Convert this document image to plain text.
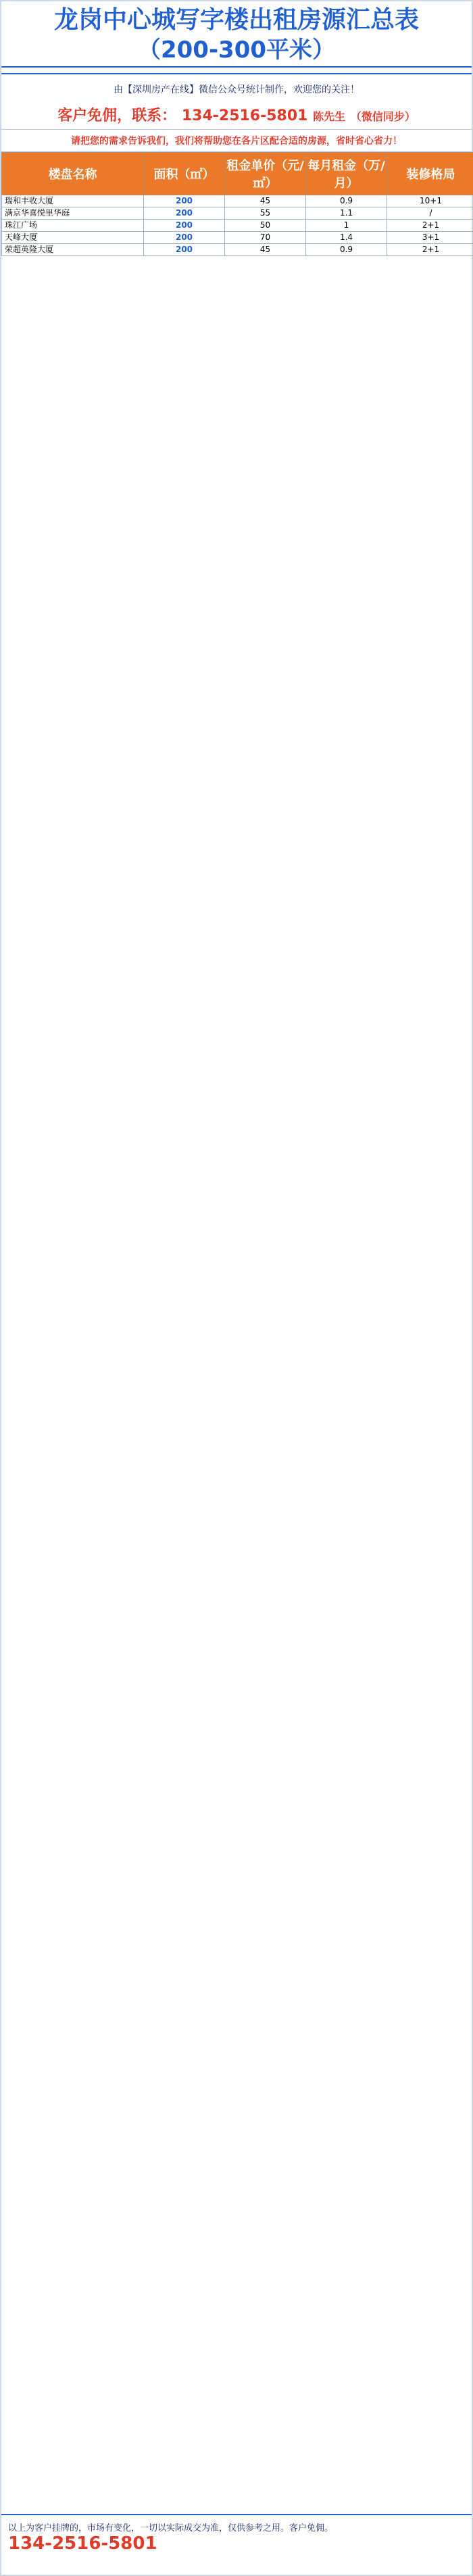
龙岗中心城写字楼出租房源汇总表
（200-300平米）
由【深圳房产在线】微信公众号统计制作，欢迎您的关注！
客户免佣，联系： 134-2516-5801 陈先生 （微信同步）
请把您的需求告诉我们，我们将帮助您在各片区配合适的房源，省时省心省力！
楼盘名称	面积（㎡）	租金单价（元/㎡）	每月租金（万/月）	装修格局
瑞和丰收大厦	200	45	0.9	10+1
满京华喜悦里华庭	200	55	1.1	/
珠江广场	200	50	1	2+1
天峰大厦	200	70	1.4	3+1
荣超英隆大厦	200	45	0.9	2+1
以上为客户挂牌的，市场有变化，一切以实际成交为准，仅供参考之用。客户免佣。
134-2516-5801
